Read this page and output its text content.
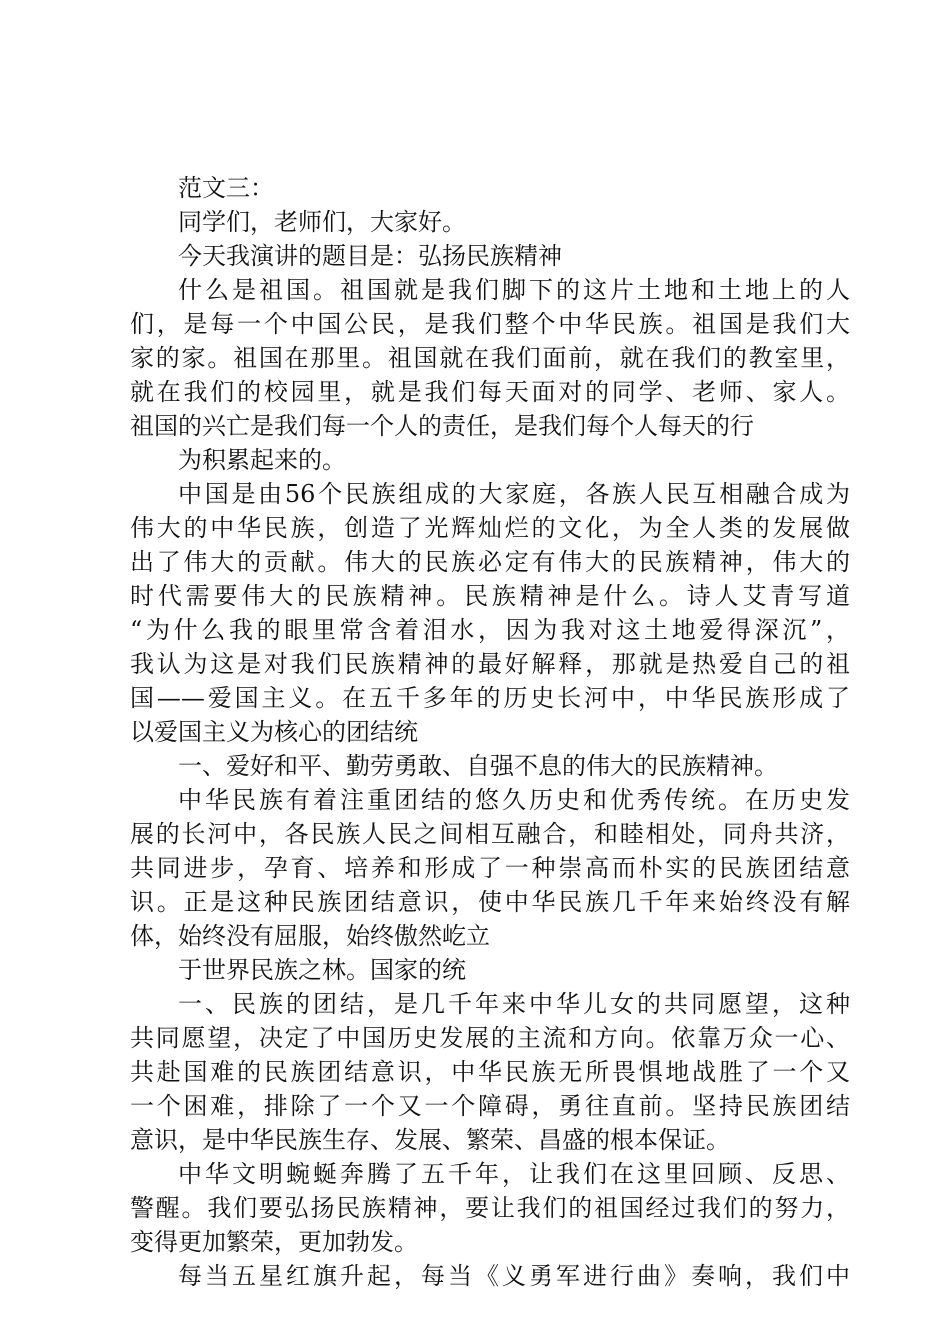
范文三：
同学们，老师们，大家好。
今天我演讲的题目是：弘扬民族精神
什么是祖国。祖国就是我们脚下的这片土地和土地上的人
们，是每一个中国公民，是我们整个中华民族。祖国是我们大
家的家。祖国在那里。祖国就在我们面前，就在我们的教室里，
就在我们的校园里，就是我们每天面对的同学、老师、家人。
祖国的兴亡是我们每一个人的责任，是我们每个人每天的行
为积累起来的。
中国是由56个民族组成的大家庭，各族人民互相融合成为
伟大的中华民族，创造了光辉灿烂的文化，为全人类的发展做
出了伟大的贡献。伟大的民族必定有伟大的民族精神，伟大的
时代需要伟大的民族精神。民族精神是什么。诗人艾青写道
“为什么我的眼里常含着泪水，因为我对这土地爱得深沉”，
我认为这是对我们民族精神的最好解释，那就是热爱自己的祖
国——爱国主义。在五千多年的历史长河中，中华民族形成了
以爱国主义为核心的团结统
一、爱好和平、勤劳勇敢、自强不息的伟大的民族精神。
中华民族有着注重团结的悠久历史和优秀传统。在历史发
展的长河中，各民族人民之间相互融合，和睦相处，同舟共济，
共同进步，孕育、培养和形成了一种崇高而朴实的民族团结意
识。正是这种民族团结意识，使中华民族几千年来始终没有解
体，始终没有屈服，始终傲然屹立
于世界民族之林。国家的统
一、民族的团结，是几千年来中华儿女的共同愿望，这种
共同愿望，决定了中国历史发展的主流和方向。依靠万众一心、
共赴国难的民族团结意识，中华民族无所畏惧地战胜了一个又
一个困难，排除了一个又一个障碍，勇往直前。坚持民族团结
意识，是中华民族生存、发展、繁荣、昌盛的根本保证。
中华文明蜿蜒奔腾了五千年，让我们在这里回顾、反思、
警醒。我们要弘扬民族精神，要让我们的祖国经过我们的努力，
变得更加繁荣，更加勃发。
每当五星红旗升起，每当《义勇军进行曲》奏响，我们中
